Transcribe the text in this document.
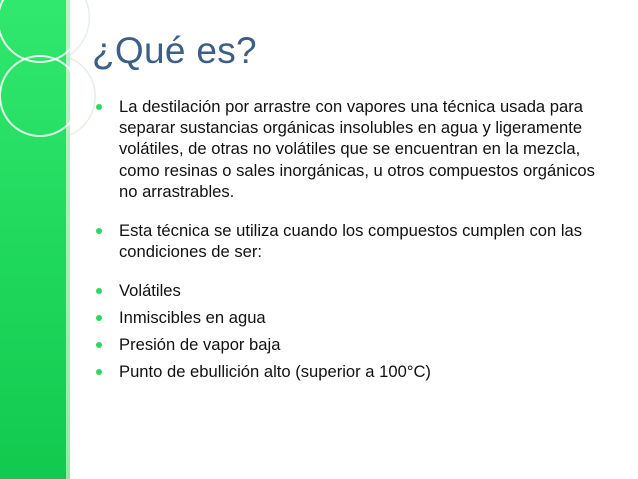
¿Qué es?
La destilación por arrastre con vapores una técnica usada para separar sustancias orgánicas insolubles en agua y ligeramente volátiles, de otras no volátiles que se encuentran en la mezcla, como resinas o sales inorgánicas, u otros compuestos orgánicos no arrastrables.
Esta técnica se utiliza cuando los compuestos cumplen con las condiciones de ser:
Volátiles
Inmiscibles en agua
Presión de vapor baja
Punto de ebullición alto (superior a 100°C)
